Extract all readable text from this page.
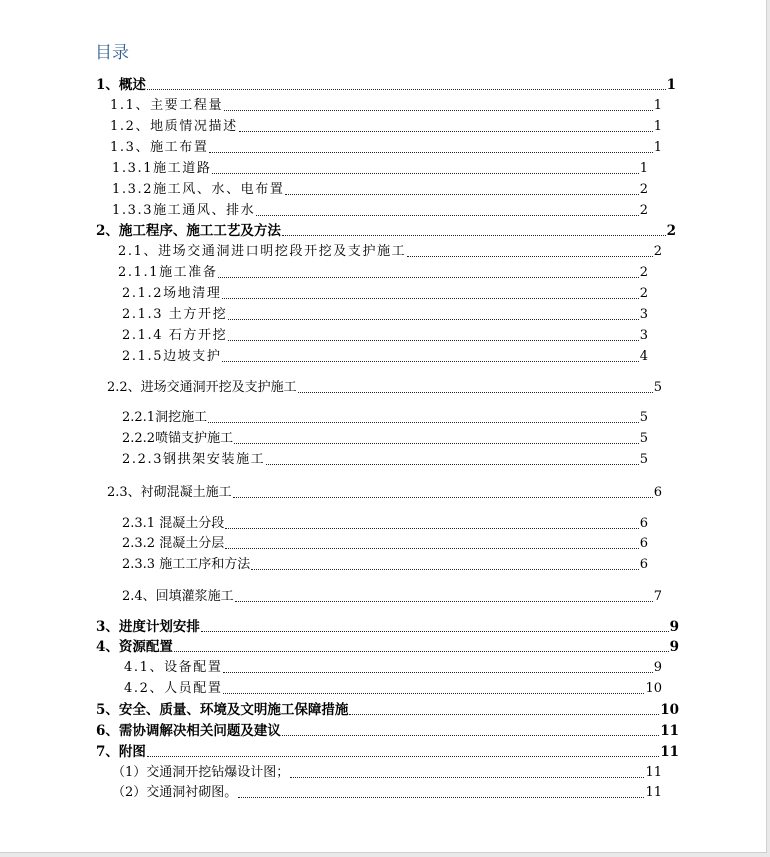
目录
1、概述	1
1.1、主要工程量	1
1.2、地质情况描述	1
1.3、施工布置	1
1.3.1施工道路	1
1.3.2施工风、水、电布置	2
1.3.3施工通风、排水	2
2、施工程序、施工工艺及方法	2
2.1、进场交通洞进口明挖段开挖及支护施工	2
2.1.1施工准备	2
2.1.2场地清理	2
2.1.3 土方开挖	3
2.1.4 石方开挖	3
2.1.5边坡支护	4
2.2、进场交通洞开挖及支护施工	5
2.2.1洞挖施工	5
2.2.2喷锚支护施工	5
2.2.3钢拱架安装施工	5
2.3、衬砌混凝土施工	6
2.3.1 混凝土分段	6
2.3.2 混凝土分层	6
2.3.3 施工工序和方法	6
2.4、回填灌浆施工	7
3、进度计划安排	9
4、资源配置	9
4.1、设备配置	9
4.2、人员配置	10
5、安全、质量、环境及文明施工保障措施	10
6、需协调解决相关问题及建议	11
7、附图	11
（1）交通洞开挖钻爆设计图；	11
（2）交通洞衬砌图。	11
